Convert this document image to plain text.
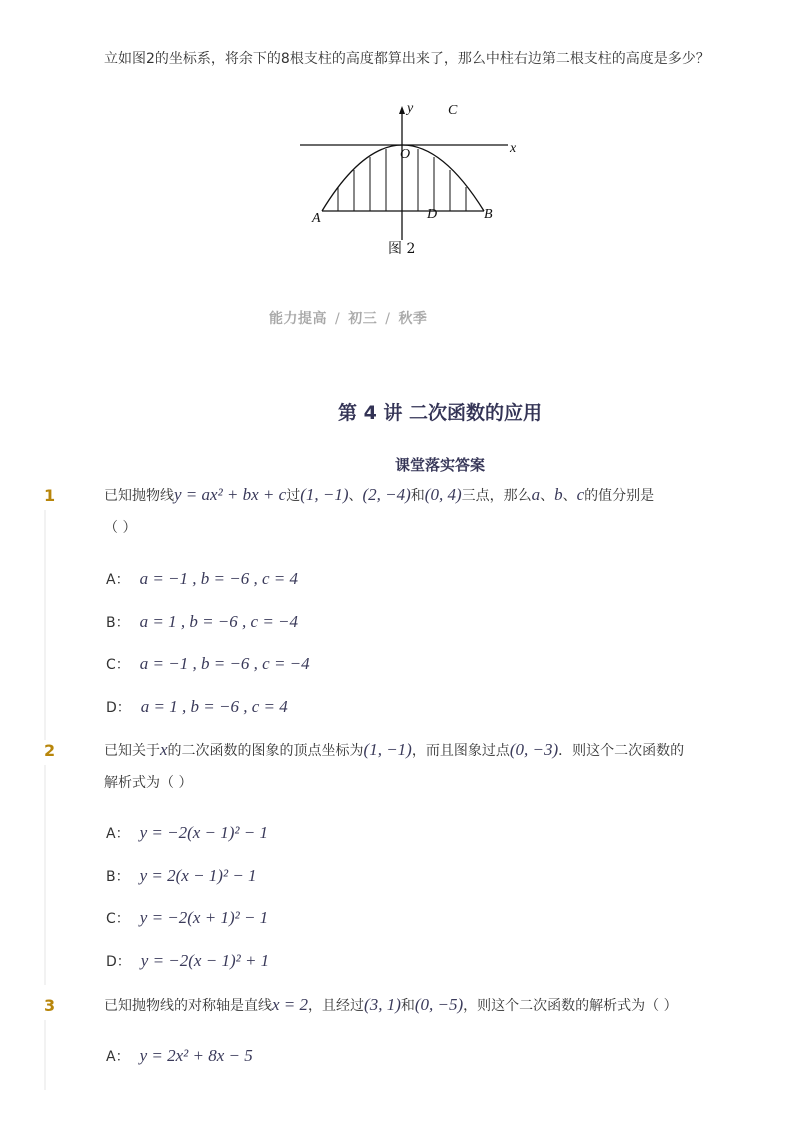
立如图2的坐标系，将余下的8根支柱的高度都算出来了，那么中柱右边第二根支柱的高度是多少？
y C
x
O
A	D	B
图 2
能力提高 / 初三 / 秋季
第 4 讲 二次函数的应用
课堂落实答案
1	已知抛物线y = ax² + bx + c过(1, −1)、(2, −4)和(0, 4)三点，那么a、b、c的值分别是
（ ）
A： a = −1 , b = −6 , c = 4
B： a = 1 , b = −6 , c = −4
C： a = −1 , b = −6 , c = −4
D： a = 1 , b = −6 , c = 4
2	已知关于x的二次函数的图象的顶点坐标为(1, −1)，而且图象过点(0, −3)．则这个二次函数的
解析式为（ ）
A： y = −2(x − 1)² − 1
B： y = 2(x − 1)² − 1
C： y = −2(x + 1)² − 1
D： y = −2(x − 1)² + 1
3	已知抛物线的对称轴是直线x = 2，且经过(3, 1)和(0, −5)，则这个二次函数的解析式为（ ）
A： y = 2x² + 8x − 5
